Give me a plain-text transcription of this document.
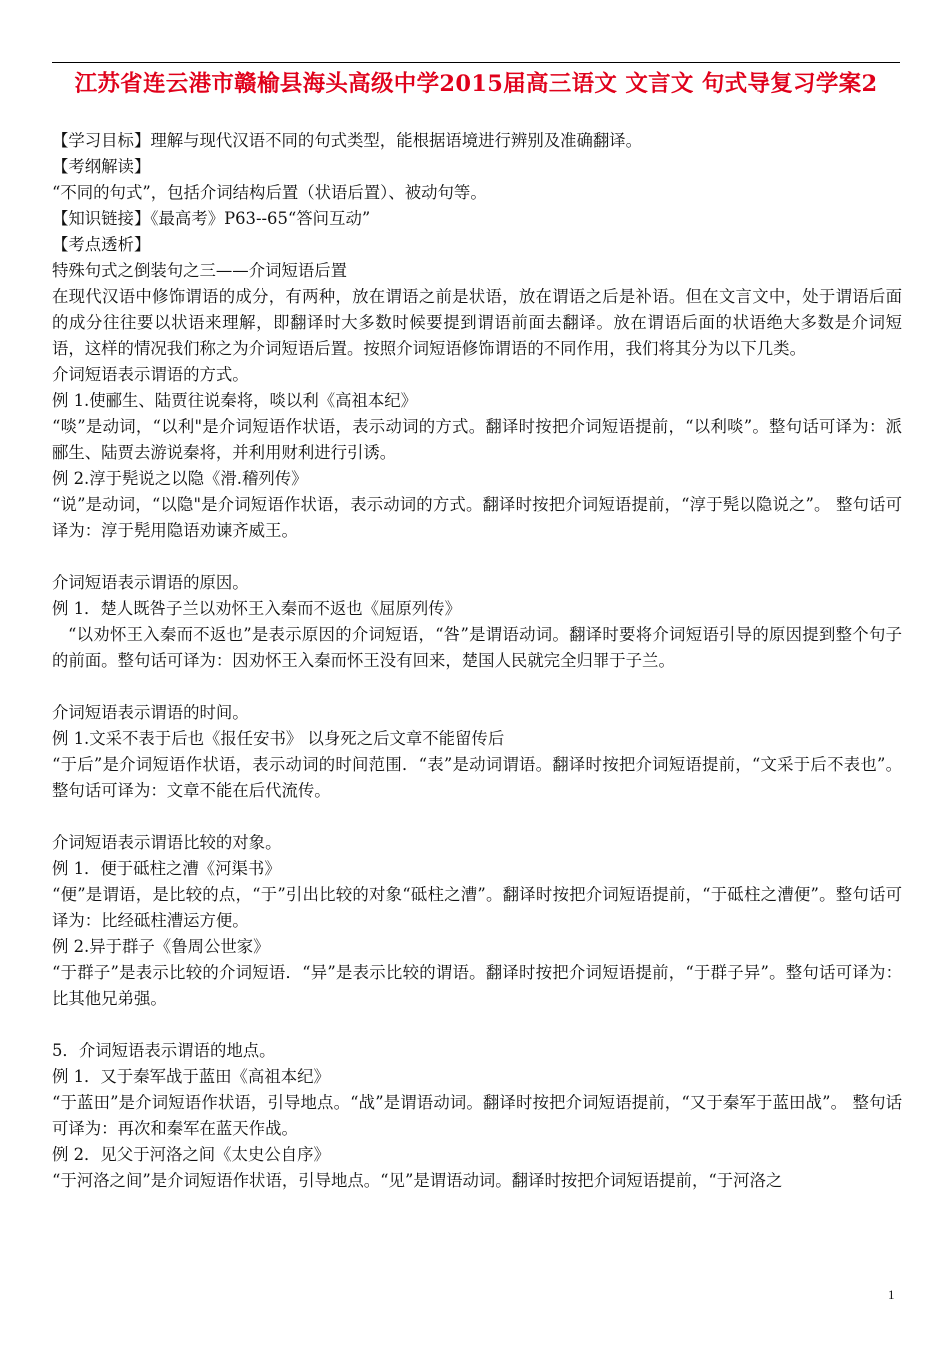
江苏省连云港市赣榆县海头高级中学2015届高三语文 文言文 句式导复习学案2

【学习目标】理解与现代汉语不同的句式类型，能根据语境进行辨别及准确翻译。

【考纲解读】

“不同的句式”，包括介词结构后置（状语后置）、被动句等。

【知识链接】《最高考》P63--65“答问互动”

【考点透析】

特殊句式之倒装句之三——介词短语后置

在现代汉语中修饰谓语的成分，有两种，放在谓语之前是状语，放在谓语之后是补语。但在文言文中，处于谓语后面的成分往往要以状语来理解，即翻译时大多数时候要提到谓语前面去翻译。放在谓语后面的状语绝大多数是介词短语，这样的情况我们称之为介词短语后置。按照介词短语修饰谓语的不同作用，我们将其分为以下几类。

介词短语表示谓语的方式。

例 1.使郦生、陆贾往说秦将，啖以利《高祖本纪》

“啖”是动词，“以利"是介词短语作状语，表示动词的方式。翻译时按把介词短语提前，“以利啖”。整句话可译为：派郦生、陆贾去游说秦将，并利用财利进行引诱。

例 2.淳于髡说之以隐《滑.稽列传》

“说”是动词，“以隐"是介词短语作状语，表示动词的方式。翻译时按把介词短语提前，“淳于髡以隐说之”。 整句话可译为：淳于髡用隐语劝谏齐威王。

介词短语表示谓语的原因。

例 1．楚人既咎子兰以劝怀王入秦而不返也《屈原列传》

“以劝怀王入秦而不返也”是表示原因的介词短语，“咎”是谓语动词。翻译时要将介词短语引导的原因提到整个句子的前面。整句话可译为：因劝怀王入秦而怀王没有回来，楚国人民就完全归罪于子兰。

介词短语表示谓语的时间。

例 1.文采不表于后也《报任安书》 以身死之后文章不能留传后

“于后”是介词短语作状语，表示动词的时间范围．“表”是动词谓语。翻译时按把介词短语提前，“文采于后不表也”。 整句话可译为：文章不能在后代流传。

介词短语表示谓语比较的对象。

例 1．便于砥柱之漕《河渠书》

“便”是谓语，是比较的点，“于”引出比较的对象“砥柱之漕”。翻译时按把介词短语提前，“于砥柱之漕便”。整句话可译为：比经砥柱漕运方便。

例 2.异于群子《鲁周公世家》

“于群子”是表示比较的介词短语．“异”是表示比较的谓语。翻译时按把介词短语提前，“于群子异”。整句话可译为：比其他兄弟强。

5．介词短语表示谓语的地点。

例 1．又于秦军战于蓝田《高祖本纪》

“于蓝田”是介词短语作状语，引导地点。“战”是谓语动词。翻译时按把介词短语提前，“又于秦军于蓝田战”。 整句话可译为：再次和秦军在蓝天作战。

例 2．见父于河洛之间《太史公自序》

“于河洛之间”是介词短语作状语，引导地点。“见”是谓语动词。翻译时按把介词短语提前，“于河洛之

1
